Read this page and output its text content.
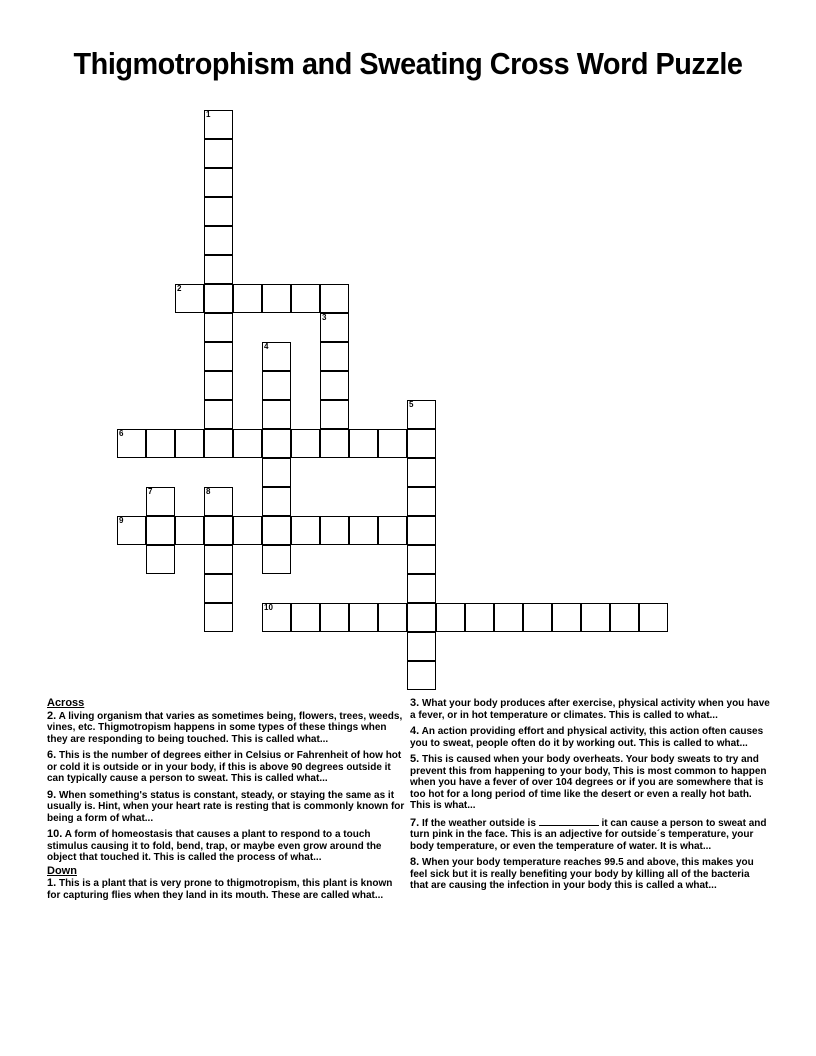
Thigmotrophism and Sweating Cross Word Puzzle
1
2
3
4
5
6
7	8
9
10
Across
2. A living organism that varies as sometimes being, flowers, trees, weeds, vines, etc. Thigmotropism happens in some types of these things when they are responding to being touched. This is called what...
6. This is the number of degrees either in Celsius or Fahrenheit of how hot or cold it is outside or in your body, if this is above 90 degrees outside it can typically cause a person to sweat. This is called what...
9. When something's status is constant, steady, or staying the same as it usually is. Hint, when your heart rate is resting that is commonly known for being a form of what...
10. A form of homeostasis that causes a plant to respond to a touch stimulus causing it to fold, bend, trap, or maybe even grow around the object that touched it. This is called the process of what...
Down
1. This is a plant that is very prone to thigmotropism, this plant is known for capturing flies when they land in its mouth. These are called what...
3. What your body produces after exercise, physical activity when you have a fever, or in hot temperature or climates. This is called to what...
4. An action providing effort and physical activity, this action often causes you to sweat, people often do it by working out. This is called to what...
5. This is caused when your body overheats. Your body sweats to try and prevent this from happening to your body, This is most common to happen when you have a fever of over 104 degrees or if you are somewhere that is too hot for a long period of time like the desert or even a really hot bath. This is what...
7. If the weather outside is	it can cause a person to sweat and turn pink in the face. This is an adjective for outside´s temperature, your body temperature, or even the temperature of water. It is what...
8. When your body temperature reaches 99.5 and above, this makes you feel sick but it is really benefiting your body by killing all of the bacteria that are causing the infection in your body this is called a what...
